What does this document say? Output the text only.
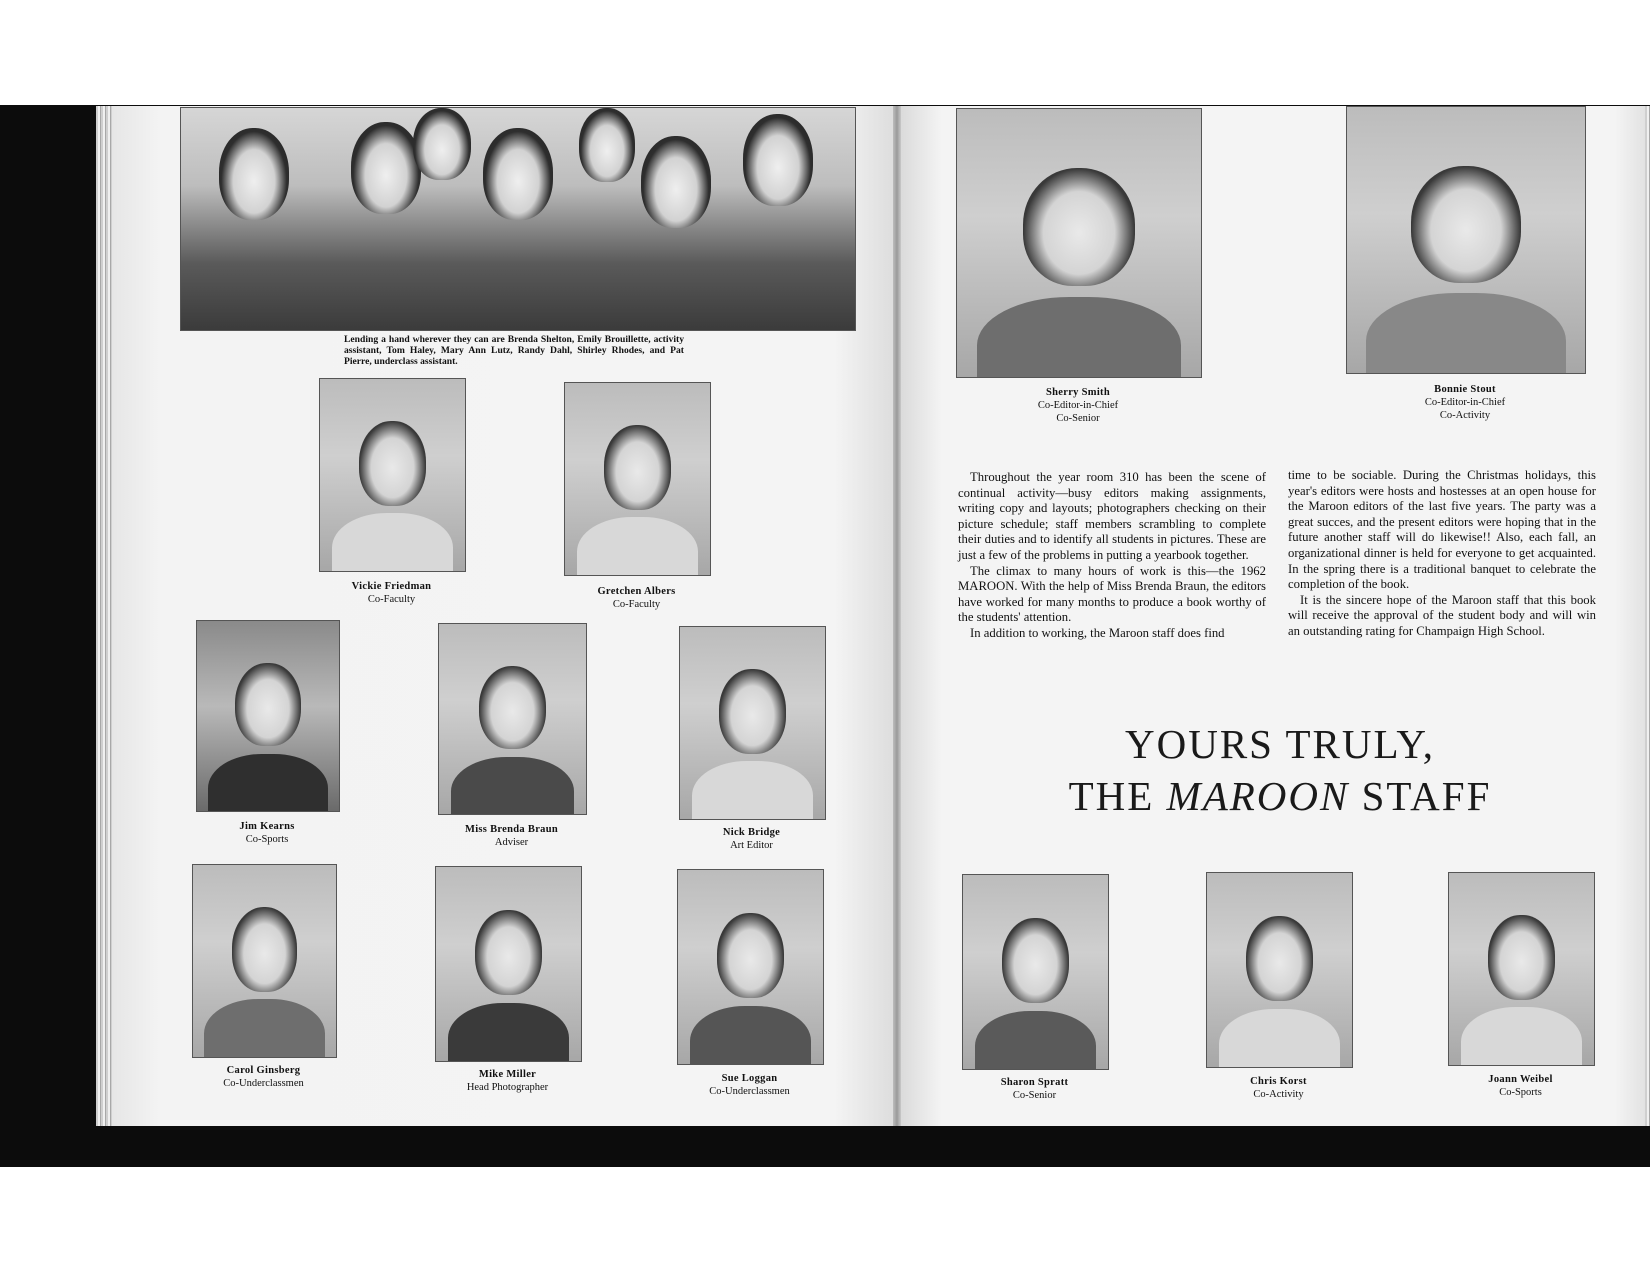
Lending a hand wherever they can are Brenda Shelton, Emily Brouillette, activity assistant, Tom Haley, Mary Ann Lutz, Randy Dahl, Shirley Rhodes, and Pat Pierre, underclass assistant.
Vickie Friedman
Co-Faculty
Gretchen Albers
Co-Faculty
Jim Kearns
Co-Sports
Miss Brenda Braun
Adviser
Nick Bridge
Art Editor
Carol Ginsberg
Co-Underclassmen
Mike Miller
Head Photographer
Sue Loggan
Co-Underclassmen
Sherry Smith
Co-Editor-in-Chief
Co-Senior
Bonnie Stout
Co-Editor-in-Chief
Co-Activity

Throughout the year room 310 has been the scene of continual activity—busy editors making assignments, writing copy and layouts; photographers checking on their picture schedule; staff members scrambling to complete their duties and to identify all students in pictures. These are just a few of the problems in putting a yearbook together.

The climax to many hours of work is this—the 1962 MAROON. With the help of Miss Brenda Braun, the editors have worked for many months to produce a book worthy of the students' attention.

In addition to working, the Maroon staff does find

time to be sociable. During the Christmas holidays, this year's editors were hosts and hostesses at an open house for the Maroon editors of the last five years. The party was a great succes, and the present editors were hoping that in the future another staff will do likewise!! Also, each fall, an organizational dinner is held for everyone to get acquainted. In the spring there is a traditional banquet to celebrate the completion of the book.

It is the sincere hope of the Maroon staff that this book will receive the approval of the student body and will win an outstanding rating for Champaign High School.

YOURS TRULY,
THE MAROON STAFF
Sharon Spratt
Co-Senior
Chris Korst
Co-Activity
Joann Weibel
Co-Sports
